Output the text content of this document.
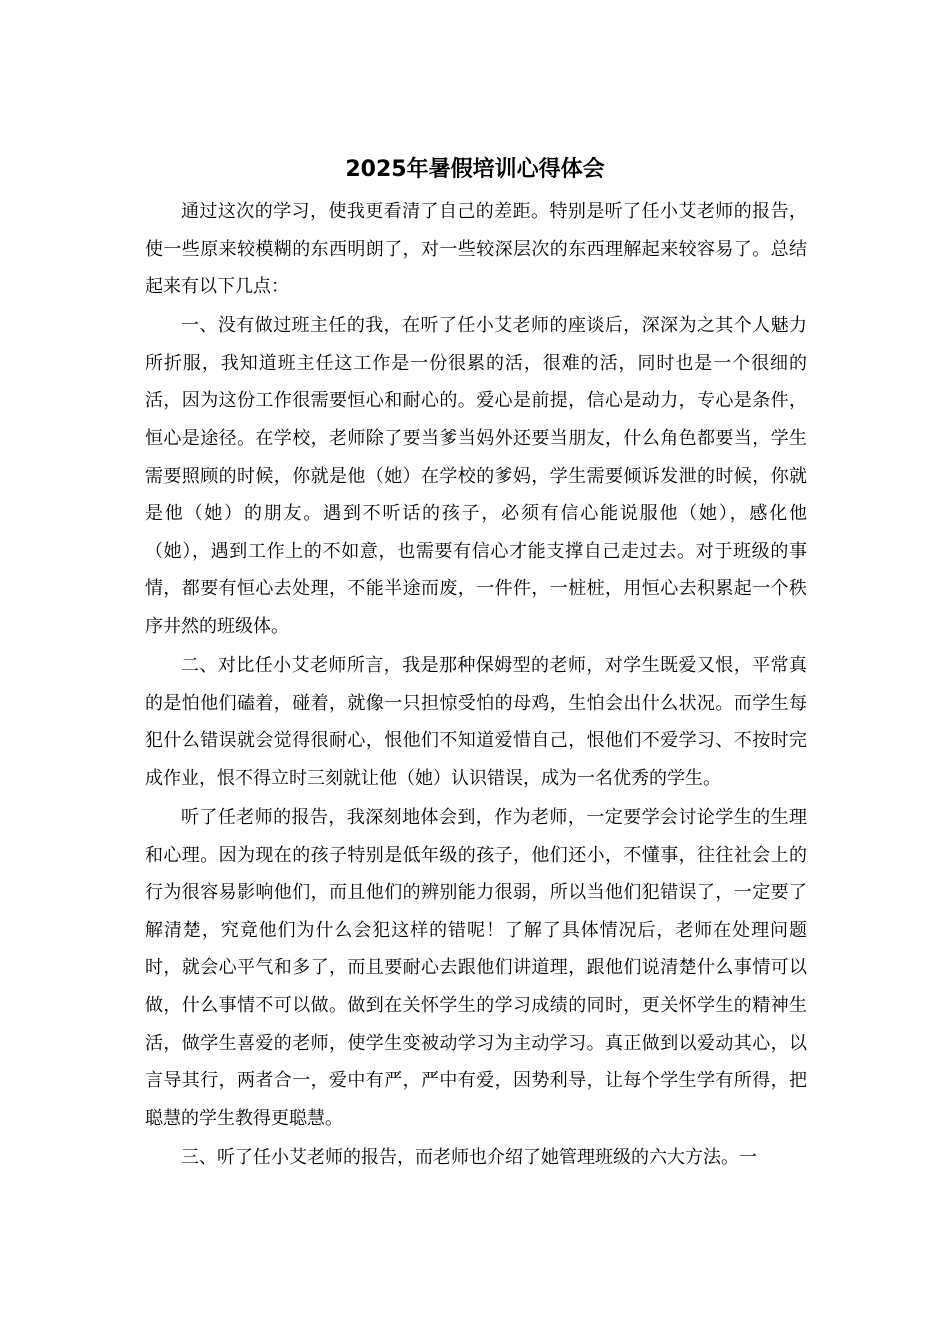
2025年暑假培训心得体会

通过这次的学习，使我更看清了自己的差距。特别是听了任小艾老师的报告，使一些原来较模糊的东西明朗了，对一些较深层次的东西理解起来较容易了。总结起来有以下几点：

一、没有做过班主任的我，在听了任小艾老师的座谈后，深深为之其个人魅力所折服，我知道班主任这工作是一份很累的活，很难的活，同时也是一个很细的活，因为这份工作很需要恒心和耐心的。爱心是前提，信心是动力，专心是条件，恒心是途径。在学校，老师除了要当爹当妈外还要当朋友，什么角色都要当，学生需要照顾的时候，你就是他（她）在学校的爹妈，学生需要倾诉发泄的时候，你就是他（她）的朋友。遇到不听话的孩子，必须有信心能说服他（她），感化他（她），遇到工作上的不如意，也需要有信心才能支撑自己走过去。对于班级的事情，都要有恒心去处理，不能半途而废，一件件，一桩桩，用恒心去积累起一个秩序井然的班级体。

二、对比任小艾老师所言，我是那种保姆型的老师，对学生既爱又恨，平常真的是怕他们磕着，碰着，就像一只担惊受怕的母鸡，生怕会出什么状况。而学生每犯什么错误就会觉得很耐心，恨他们不知道爱惜自己，恨他们不爱学习、不按时完成作业，恨不得立时三刻就让他（她）认识错误，成为一名优秀的学生。

听了任老师的报告，我深刻地体会到，作为老师，一定要学会讨论学生的生理和心理。因为现在的孩子特别是低年级的孩子，他们还小，不懂事，往往社会上的行为很容易影响他们，而且他们的辨别能力很弱，所以当他们犯错误了，一定要了解清楚，究竟他们为什么会犯这样的错呢！了解了具体情况后，老师在处理问题时，就会心平气和多了，而且要耐心去跟他们讲道理，跟他们说清楚什么事情可以做，什么事情不可以做。做到在关怀学生的学习成绩的同时，更关怀学生的精神生活，做学生喜爱的老师，使学生变被动学习为主动学习。真正做到以爱动其心，以言导其行，两者合一，爱中有严，严中有爱，因势利导，让每个学生学有所得，把聪慧的学生教得更聪慧。

三、听了任小艾老师的报告，而老师也介绍了她管理班级的六大方法。一
